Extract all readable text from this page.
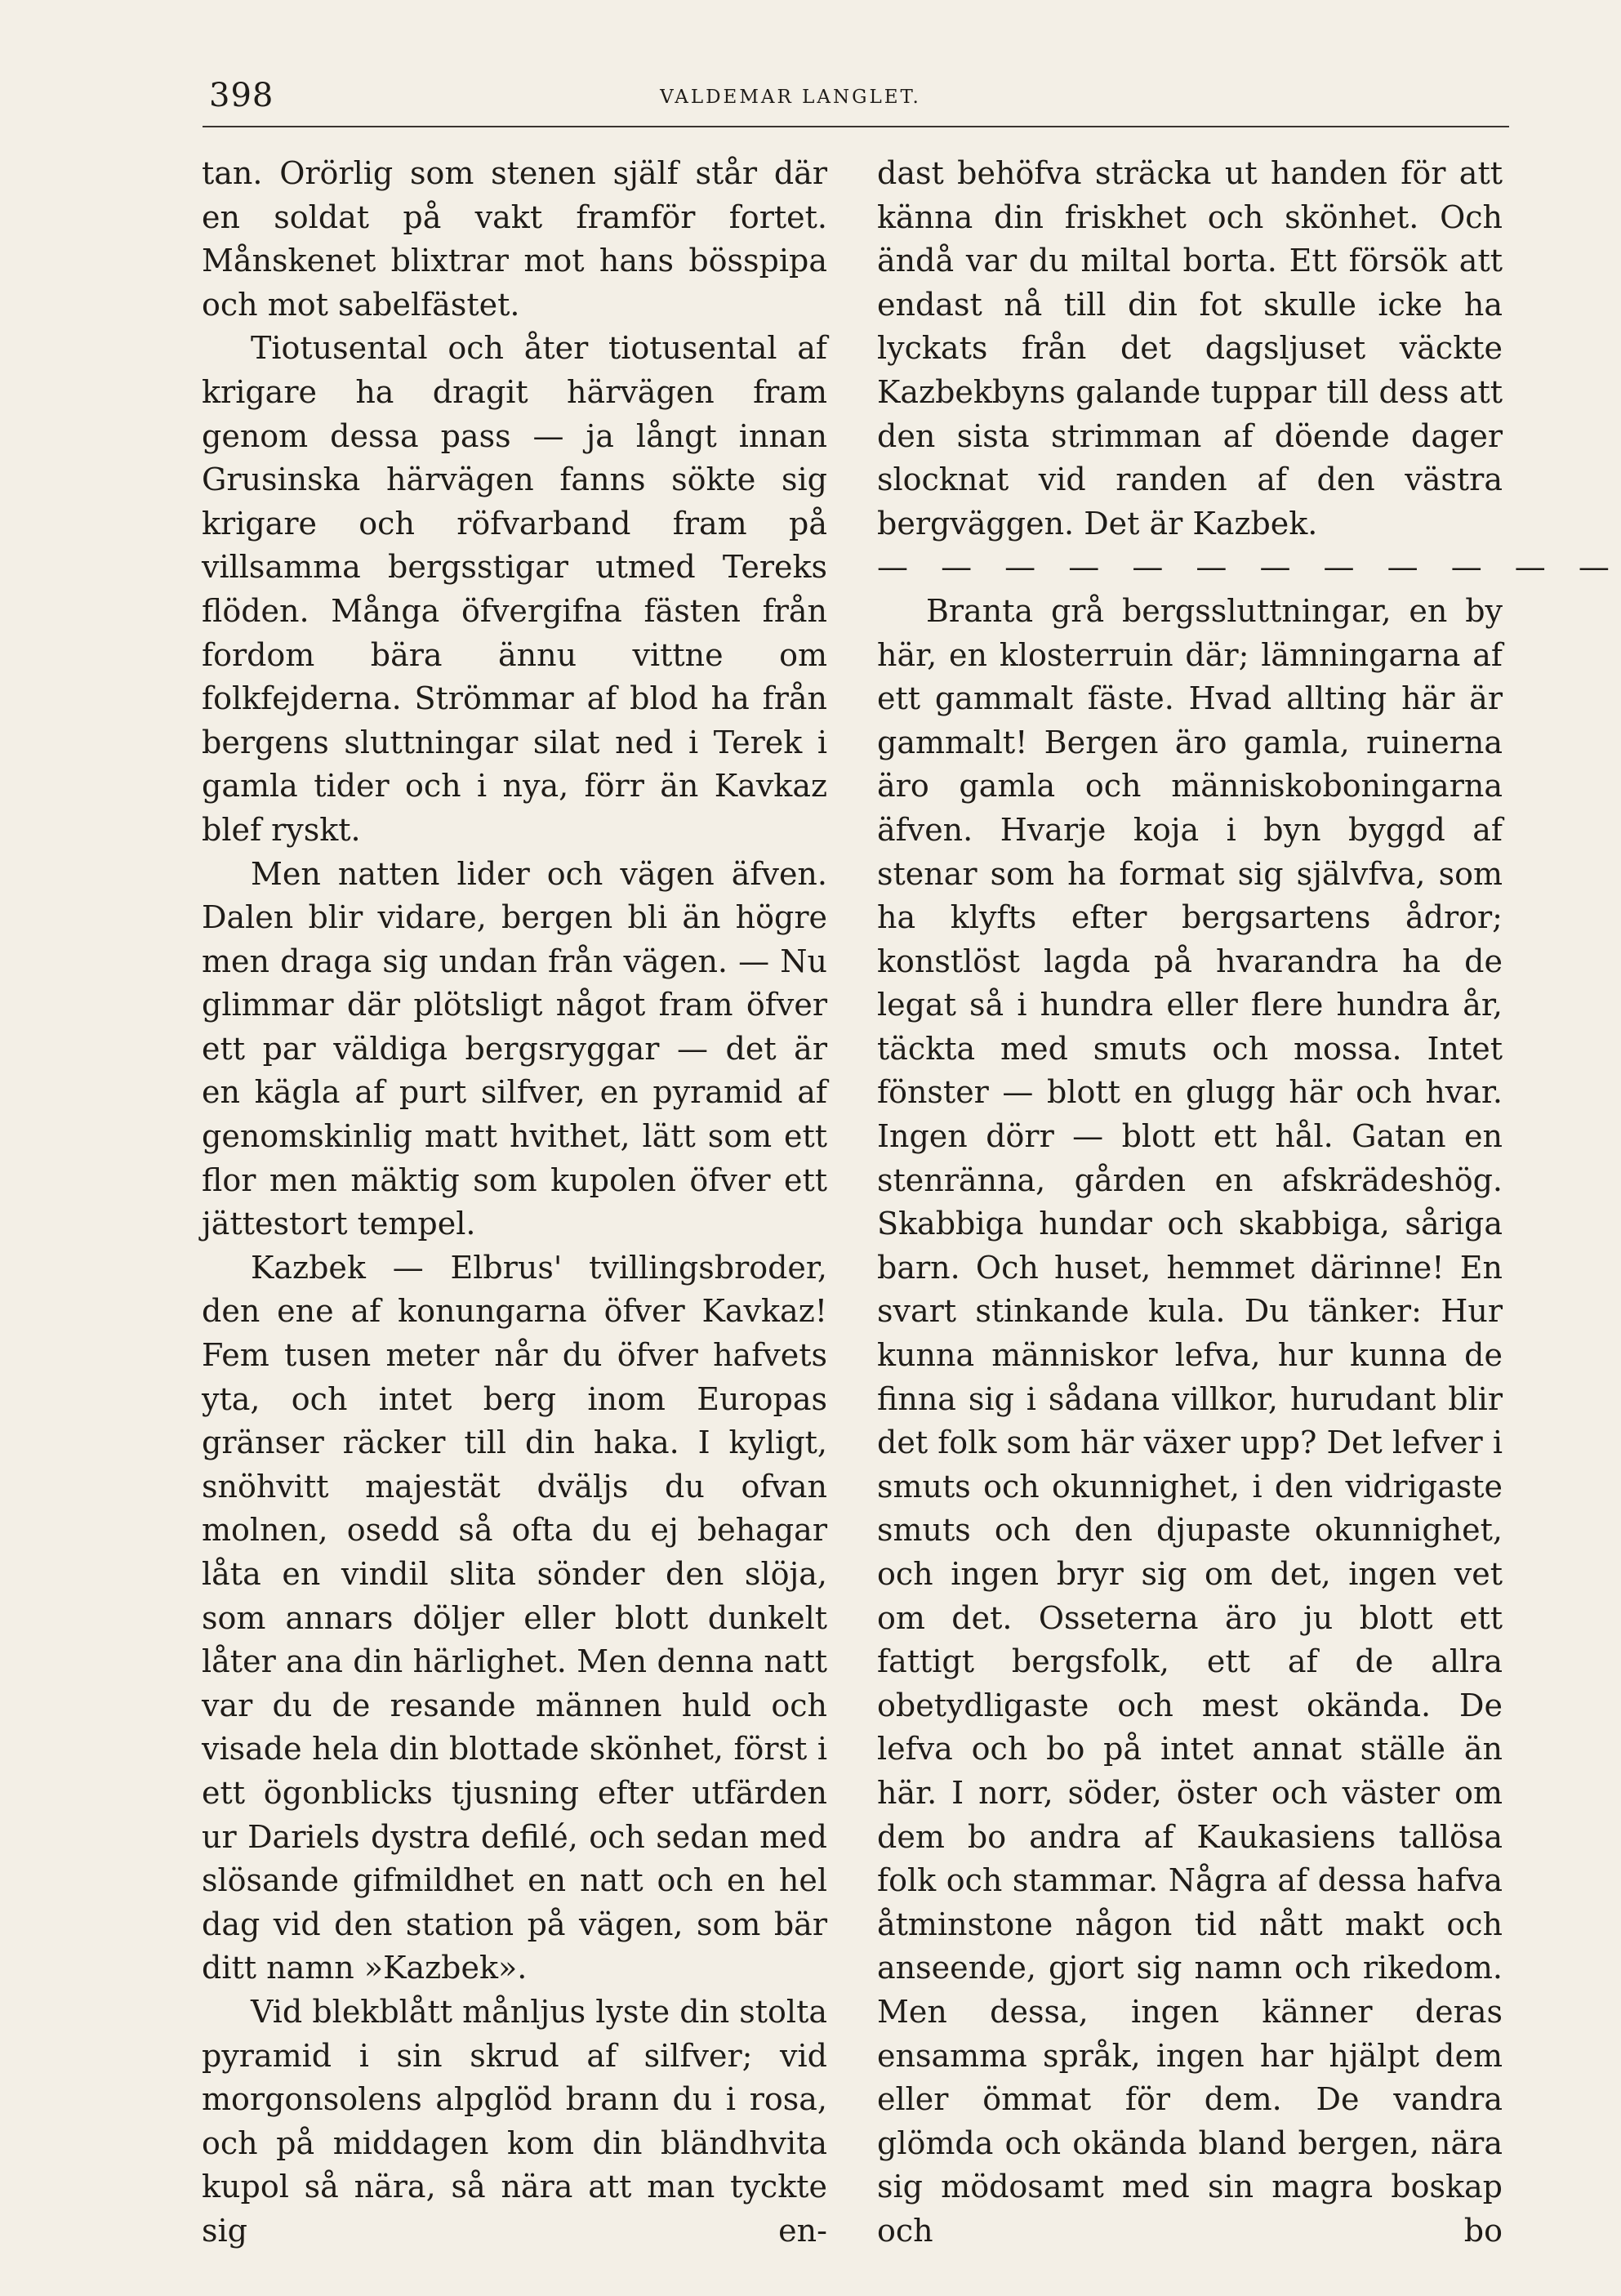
398	VALDEMAR LANGLET.

tan. Orörlig som stenen själf står där en soldat på vakt framför fortet. Månskenet blixtrar mot hans bösspipa och mot sabelfästet.

Tiotusental och åter tiotusental af krigare ha dragit härvägen fram genom dessa pass — ja långt innan Grusinska härvägen fanns sökte sig krigare och röfvarband fram på villsamma bergsstigar utmed Tereks flöden. Många öfvergifna fästen från fordom bära ännu vittne om folkfejderna. Strömmar af blod ha från bergens sluttningar silat ned i Terek i gamla tider och i nya, förr än Kavkaz blef ryskt.

Men natten lider och vägen äfven. Dalen blir vidare, bergen bli än högre men draga sig undan från vägen. — Nu glimmar där plötsligt något fram öfver ett par väldiga bergsryggar — det är en kägla af purt silfver, en pyramid af genomskinlig matt hvithet, lätt som ett flor men mäktig som kupolen öfver ett jättestort tempel.

Kazbek — Elbrus' tvillingsbroder, den ene af konungarna öfver Kavkaz! Fem tusen meter når du öfver hafvets yta, och intet berg inom Europas gränser räcker till din haka. I kyligt, snöhvitt majestät dväljs du ofvan molnen, osedd så ofta du ej behagar låta en vindil slita sönder den slöja, som annars döljer eller blott dunkelt låter ana din härlighet. Men denna natt var du de resande männen huld och visade hela din blottade skönhet, först i ett ögonblicks tjusning efter utfärden ur Dariels dystra defilé, och sedan med slösande gifmildhet en natt och en hel dag vid den station på vägen, som bär ditt namn »Kazbek».

Vid blekblått månljus lyste din stolta pyramid i sin skrud af silfver; vid morgonsolens alpglöd brann du i rosa, och på middagen kom din bländhvita kupol så nära, så nära att man tyckte sig en-

dast behöfva sträcka ut handen för att känna din friskhet och skönhet. Och ändå var du miltal borta. Ett försök att endast nå till din fot skulle icke ha lyckats från det dagsljuset väckte Kazbekbyns galande tuppar till dess att den sista strimman af döende dager slocknat vid randen af den västra bergväggen. Det är Kazbek.

— — — — — — — — — — — —

Branta grå bergssluttningar, en by här, en klosterruin där; lämningarna af ett gammalt fäste. Hvad allting här är gammalt! Bergen äro gamla, ruinerna äro gamla och människoboningarna äfven. Hvarje koja i byn byggd af stenar som ha format sig självfva, som ha klyfts efter bergsartens ådror; konstlöst lagda på hvarandra ha de legat så i hundra eller flere hundra år, täckta med smuts och mossa. Intet fönster — blott en glugg här och hvar. Ingen dörr — blott ett hål. Gatan en stenränna, gården en afskrädeshög. Skabbiga hundar och skabbiga, såriga barn. Och huset, hemmet därinne! En svart stinkande kula. Du tänker: Hur kunna människor lefva, hur kunna de finna sig i sådana villkor, hurudant blir det folk som här växer upp? Det lefver i smuts och okunnighet, i den vidrigaste smuts och den djupaste okunnighet, och ingen bryr sig om det, ingen vet om det. Osseterna äro ju blott ett fattigt bergsfolk, ett af de allra obetydligaste och mest okända. De lefva och bo på intet annat ställe än här. I norr, söder, öster och väster om dem bo andra af Kaukasiens tallösa folk och stammar. Några af dessa hafva åtminstone någon tid nått makt och anseende, gjort sig namn och rikedom. Men dessa, ingen känner deras ensamma språk, ingen har hjälpt dem eller ömmat för dem. De vandra glömda och okända bland bergen, nära sig mödosamt med sin magra boskap och bo
